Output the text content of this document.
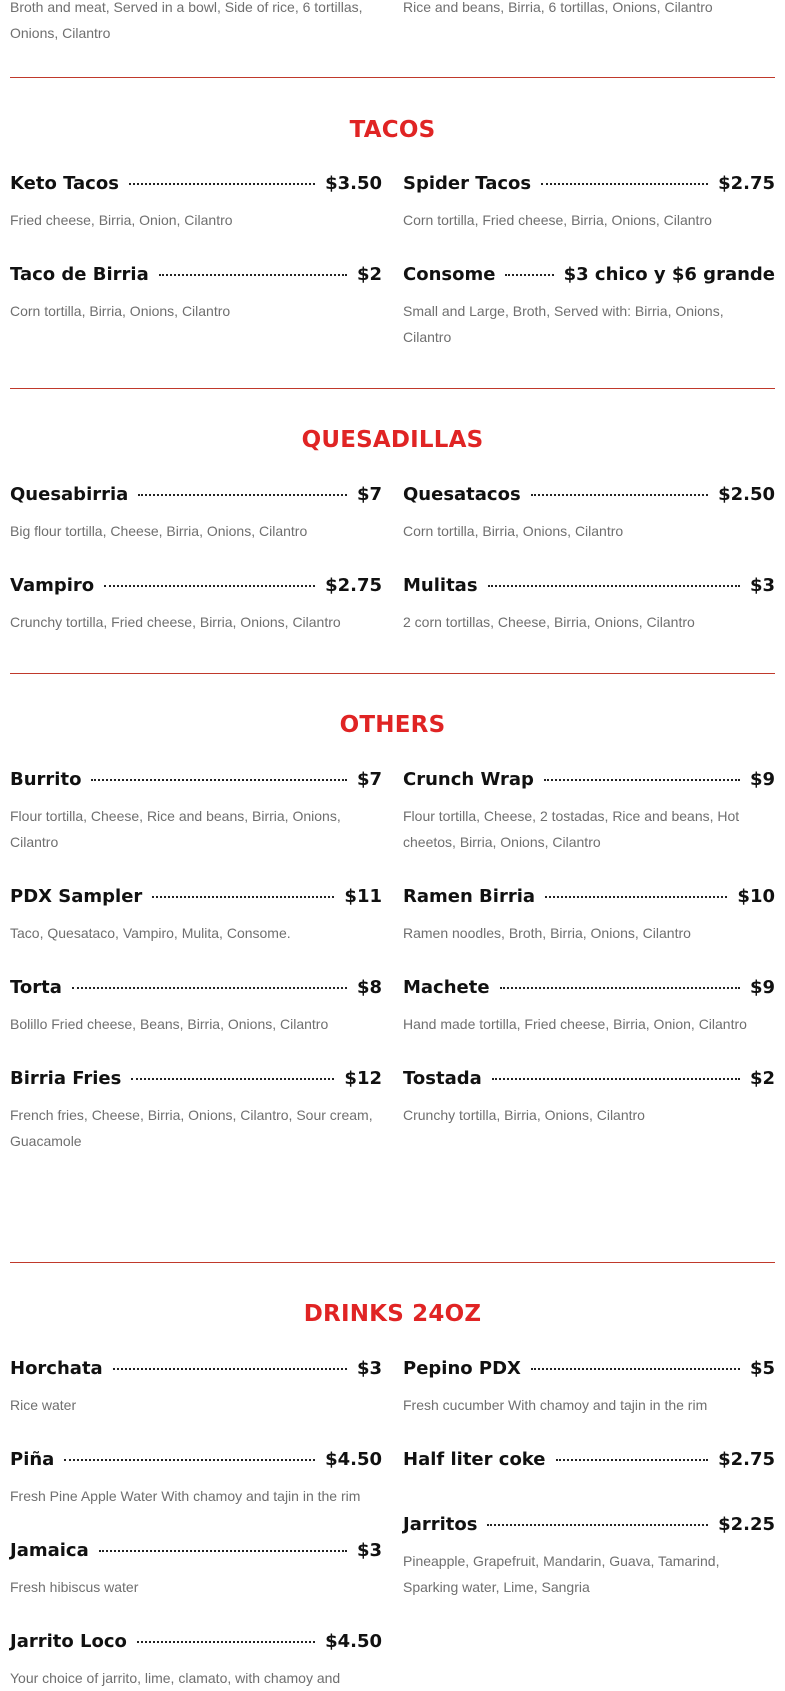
Broth and meat, Served in a bowl, Side of rice, 6 tortillas, Onions, Cilantro
Rice and beans, Birria, 6 tortillas, Onions, Cilantro
TACOS
Keto Tacos	$3.50
Fried cheese, Birria, Onion, Cilantro
Spider Tacos	$2.75
Corn tortilla, Fried cheese, Birria, Onions, Cilantro
Taco de Birria	$2
Corn tortilla, Birria, Onions, Cilantro
Consome	$3 chico y $6 grande
Small and Large, Broth, Served with: Birria, Onions, Cilantro
QUESADILLAS
Quesabirria	$7
Big flour tortilla, Cheese, Birria, Onions, Cilantro
Quesatacos	$2.50
Corn tortilla, Birria, Onions, Cilantro
Vampiro	$2.75
Crunchy tortilla, Fried cheese, Birria, Onions, Cilantro
Mulitas	$3
2 corn tortillas, Cheese, Birria, Onions, Cilantro
OTHERS
Burrito	$7
Flour tortilla, Cheese, Rice and beans, Birria, Onions, Cilantro
Crunch Wrap	$9
Flour tortilla, Cheese, 2 tostadas, Rice and beans, Hot cheetos, Birria, Onions, Cilantro
PDX Sampler	$11
Taco, Quesataco, Vampiro, Mulita, Consome.
Ramen Birria	$10
Ramen noodles, Broth, Birria, Onions, Cilantro
Torta	$8
Bolillo Fried cheese, Beans, Birria, Onions, Cilantro
Machete	$9
Hand made tortilla, Fried cheese, Birria, Onion, Cilantro
Birria Fries	$12
French fries, Cheese, Birria, Onions, Cilantro, Sour cream, Guacamole
Tostada	$2
Crunchy tortilla, Birria, Onions, Cilantro
DRINKS 24OZ
Horchata	$3
Rice water
Pepino PDX	$5
Fresh cucumber With chamoy and tajin in the rim
Piña	$4.50
Fresh Pine Apple Water With chamoy and tajin in the rim
Half liter coke	$2.75
Jamaica	$3
Fresh hibiscus water
Jarritos	$2.25
Pineapple, Grapefruit, Mandarin, Guava, Tamarind, Sparking water, Lime, Sangria
Jarrito Loco	$4.50
Your choice of jarrito, lime, clamato, with chamoy and
